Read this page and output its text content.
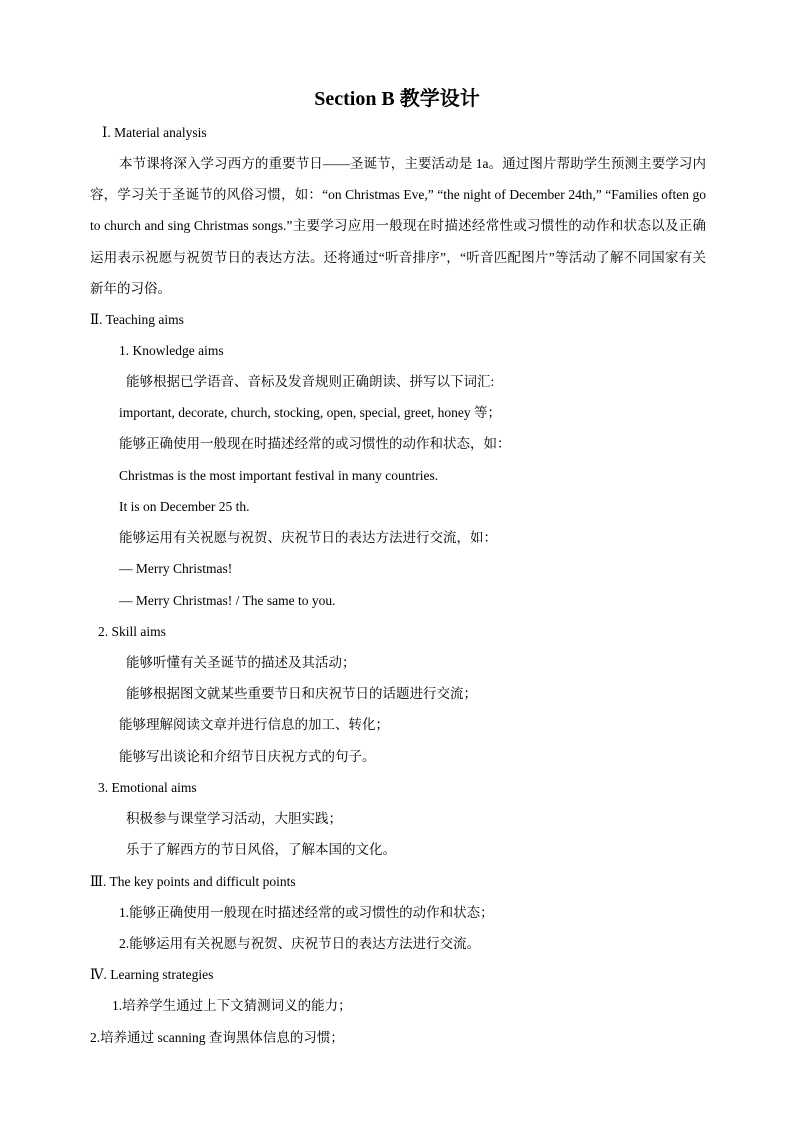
Section B 教学设计
Ⅰ. Material analysis
本节课将深入学习西方的重要节日——圣诞节，主要活动是 1a。通过图片帮助学生预测主要学习内容，学习关于圣诞节的风俗习惯，如：“on Christmas Eve,” “the night of December 24th,” “Families often go to church and sing Christmas songs.”主要学习应用一般现在时描述经常性或习惯性的动作和状态以及正确运用表示祝愿与祝贺节日的表达方法。还将通过“听音排序”，“听音匹配图片”等活动了解不同国家有关新年的习俗。
Ⅱ. Teaching aims
1. Knowledge aims
能够根据已学语音、音标及发音规则正确朗读、拼写以下词汇:
important, decorate, church, stocking, open, special, greet, honey 等；
能够正确使用一般现在时描述经常的或习惯性的动作和状态，如：
Christmas is the most important festival in many countries.
It is on December 25 th.
能够运用有关祝愿与祝贺、庆祝节日的表达方法进行交流，如：
— Merry Christmas!
— Merry Christmas! / The same to you.
2. Skill aims
能够听懂有关圣诞节的描述及其活动；
能够根据图文就某些重要节日和庆祝节日的话题进行交流；
能够理解阅读文章并进行信息的加工、转化；
能够写出谈论和介绍节日庆祝方式的句子。
3. Emotional aims
积极参与课堂学习活动，大胆实践；
乐于了解西方的节日风俗，了解本国的文化。
Ⅲ. The key points and difficult points
1.能够正确使用一般现在时描述经常的或习惯性的动作和状态；
2.能够运用有关祝愿与祝贺、庆祝节日的表达方法进行交流。
Ⅳ. Learning strategies
1.培养学生通过上下文猜测词义的能力；
2.培养通过 scanning 查询黑体信息的习惯；
